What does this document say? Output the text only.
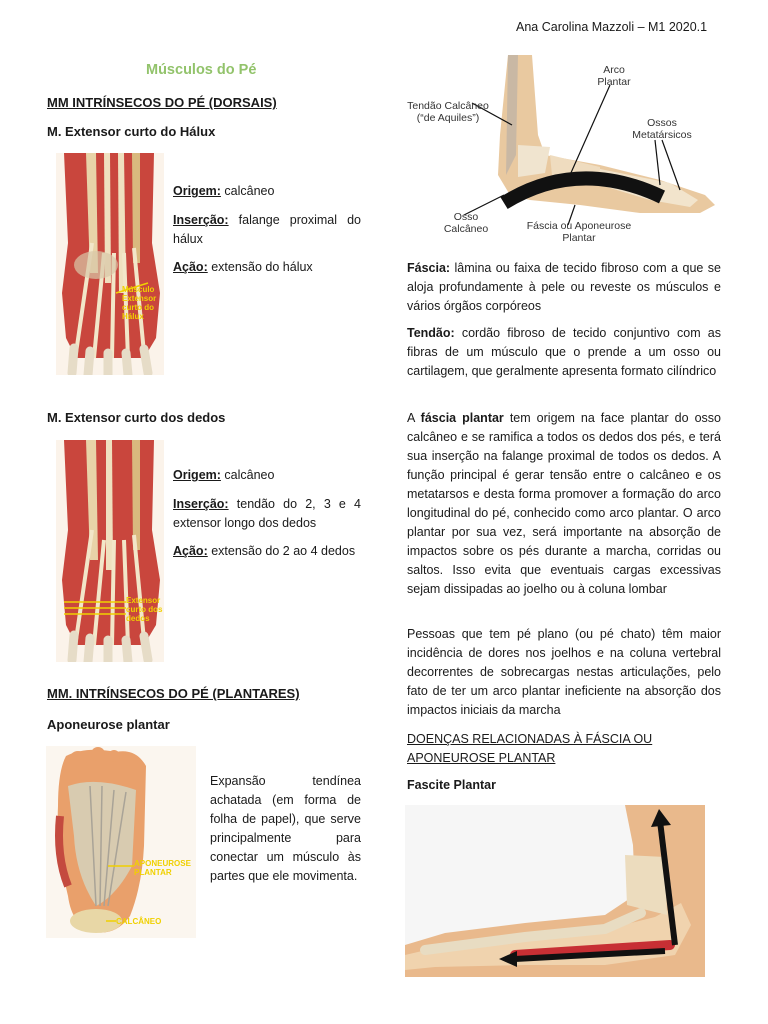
Ana Carolina Mazzoli – M1 2020.1
Músculos do Pé
MM INTRÍNSECOS DO PÉ (DORSAIS)
M. Extensor curto do Hálux
Músculo
Extensor
curto do
Hálux
Origem: calcâneo
Inserção: falange proximal do hálux
Ação: extensão do hálux
M. Extensor curto dos dedos
Extensor
curto dos
dedos
Origem: calcâneo
Inserção: tendão do 2, 3 e 4 extensor longo dos dedos
Ação: extensão do 2 ao 4 dedos
MM. INTRÍNSECOS DO PÉ (PLANTARES)
Aponeurose plantar
APONEUROSE
PLANTAR
CALCÂNEO
Expansão tendínea achatada (em forma de folha de papel), que serve principalmente para conectar um músculo às partes que ele movimenta.
Arco
Plantar
Tendão Calcâneo
(“de Aquiles”)	Ossos
Metatársicos
Osso
Calcâneo	Fáscia ou Aponeurose
Plantar
Fáscia: lâmina ou faixa de tecido fibroso com a que se aloja profundamente à pele ou reveste os músculos e vários órgãos corpóreos
Tendão: cordão fibroso de tecido conjuntivo com as fibras de um músculo que o prende a um osso ou cartilagem, que geralmente apresenta formato cilíndrico
A fáscia plantar tem origem na face plantar do osso calcâneo e se ramifica a todos os dedos dos pés, e terá sua inserção na falange proximal de todos os dedos. A função principal é gerar tensão entre o calcâneo e os metatarsos e desta forma promover a formação do arco longitudinal do pé, conhecido como arco plantar. O arco plantar por sua vez, será importante na absorção de impactos sobre os pés durante a marcha, corridas ou saltos. Isso evita que eventuais cargas excessivas sejam dissipadas ao joelho ou à coluna lombar
Pessoas que tem pé plano (ou pé chato) têm maior incidência de dores nos joelhos e na coluna vertebral decorrentes de sobrecargas nestas articulações, pelo fato de ter um arco plantar ineficiente na absorção dos impactos iniciais da marcha
DOENÇAS RELACIONADAS À FÁSCIA OU APONEUROSE PLANTAR
Fascite Plantar
